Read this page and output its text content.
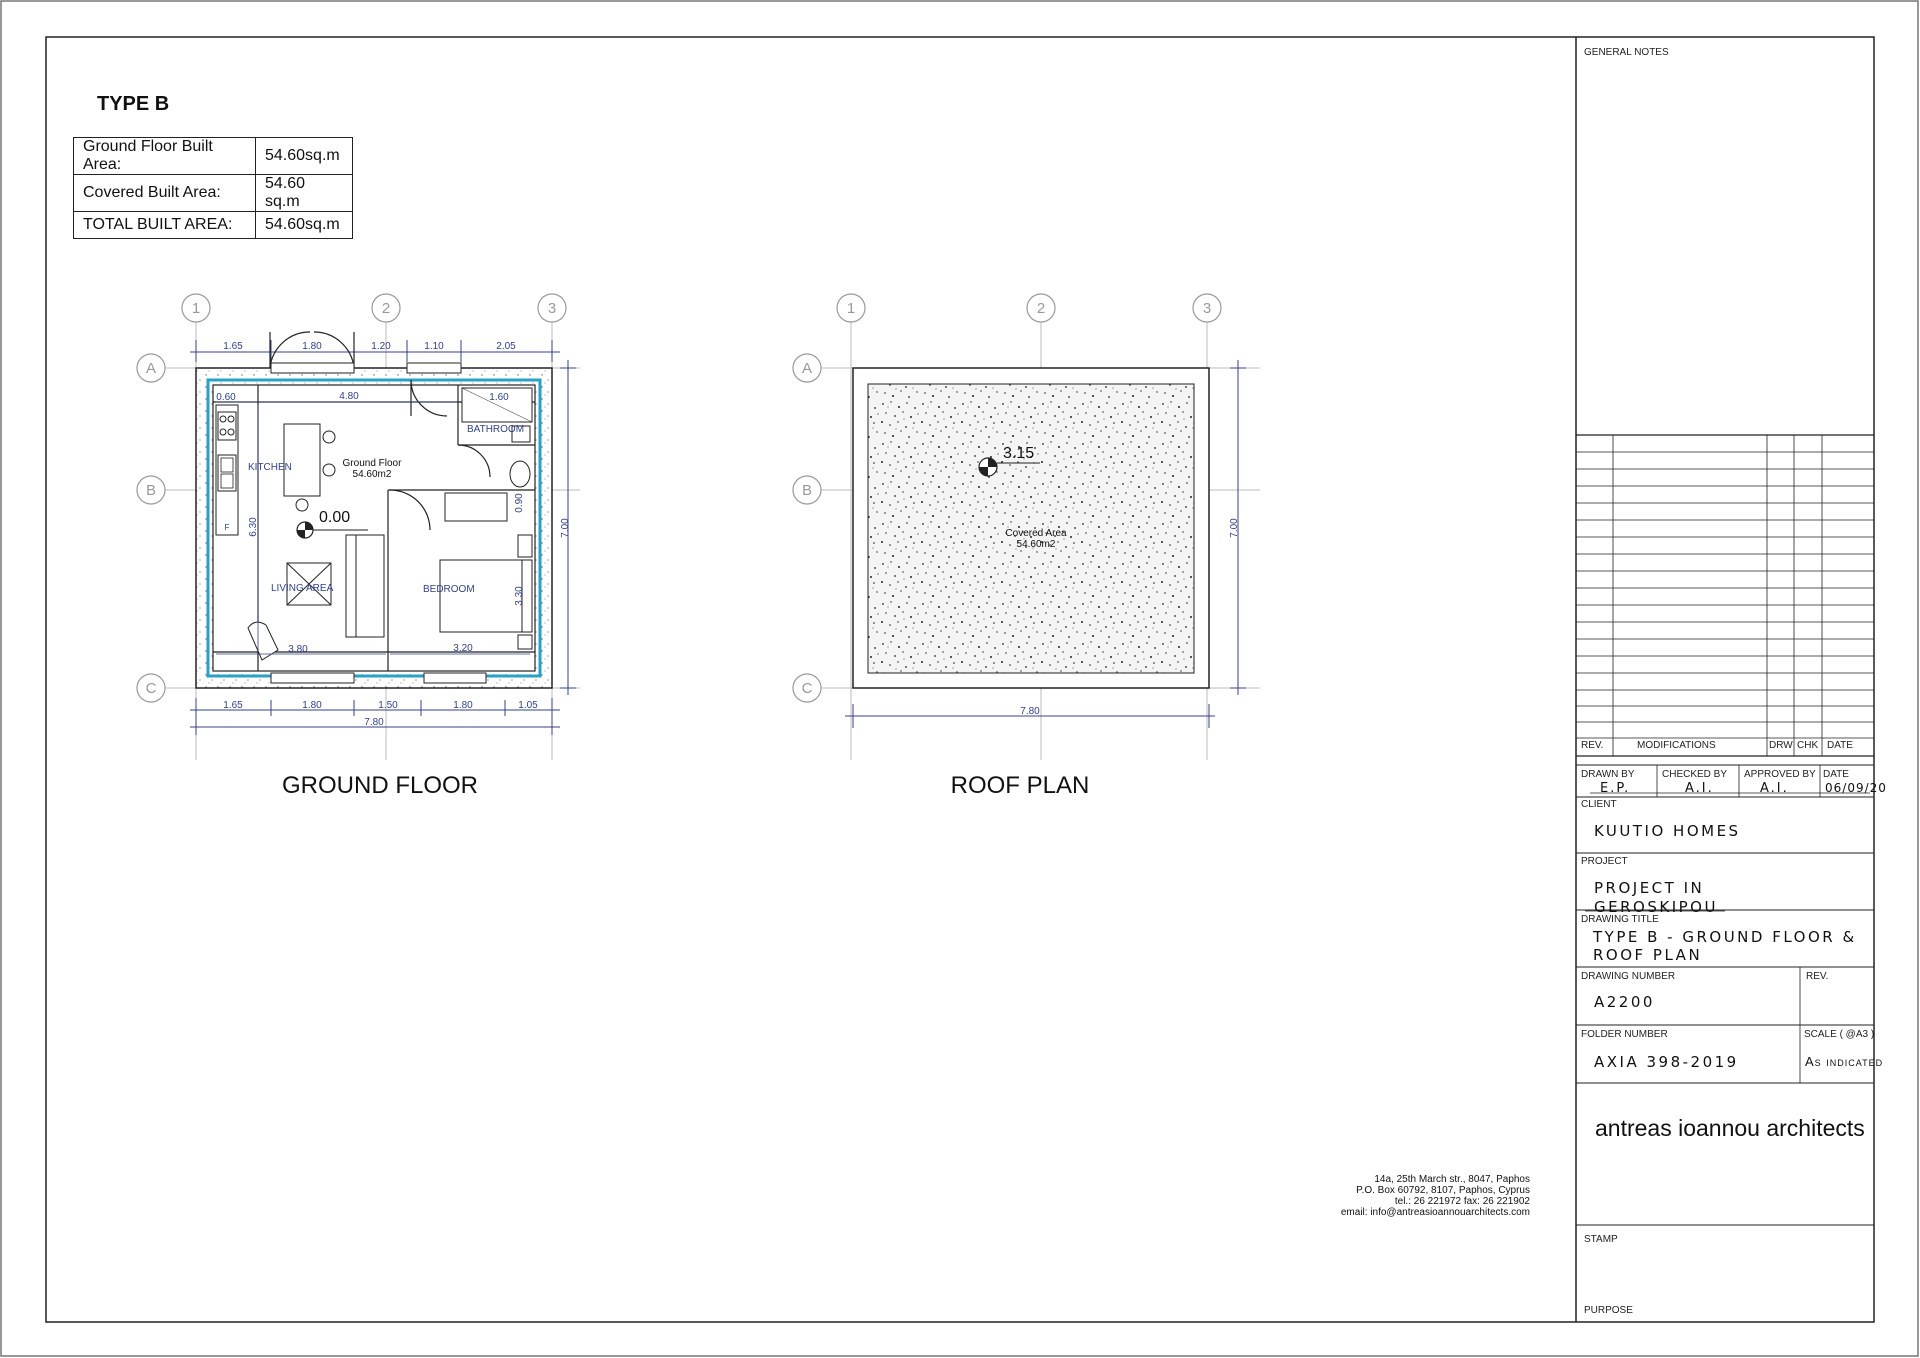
1	2	3
A
B
C
1.65	1.80	1.20	1.10	2.05
F
0.00
KITCHEN
BATHROOM
LIVING AREA	BEDROOM
Ground Floor
54.60m2
0.60	4.80	1.60
3.80	3.20
6.30
0.90
3.30
7.00
1.65	1.80	1.50	1.80	1.05
7.80
1	2	3
A
B
C
3.15
Covered Area
54.60m2
7.00
7.80
TYPE B
Ground Floor Built Area:	54.60sq.m
Covered Built Area:	54.60 sq.m
TOTAL BUILT AREA:	54.60sq.m
GROUND FLOOR	ROOF PLAN
GENERAL NOTES
REV.	MODIFICATIONS	DRW CHK DATE
DRAWN BY
E.P.
CHECKED BY
A.I.
APPROVED BY
A.I.
DATE
06/09/20
CLIENT
KUUTIO HOMES
PROJECT
PROJECT IN
GEROSKIPOU
DRAWING TITLE
TYPE B - GROUND FLOOR &
ROOF PLAN
DRAWING NUMBER
A2200
REV.
FOLDER NUMBER
AXIA 398-2019
SCALE ( @A3 )
As indicated
antreas ioannou architects
14a, 25th March str., 8047, Paphos
P.O. Box 60792, 8107, Paphos, Cyprus
tel.: 26 221972 fax: 26 221902
email: info@antreasioannouarchitects.com
STAMP
PURPOSE
